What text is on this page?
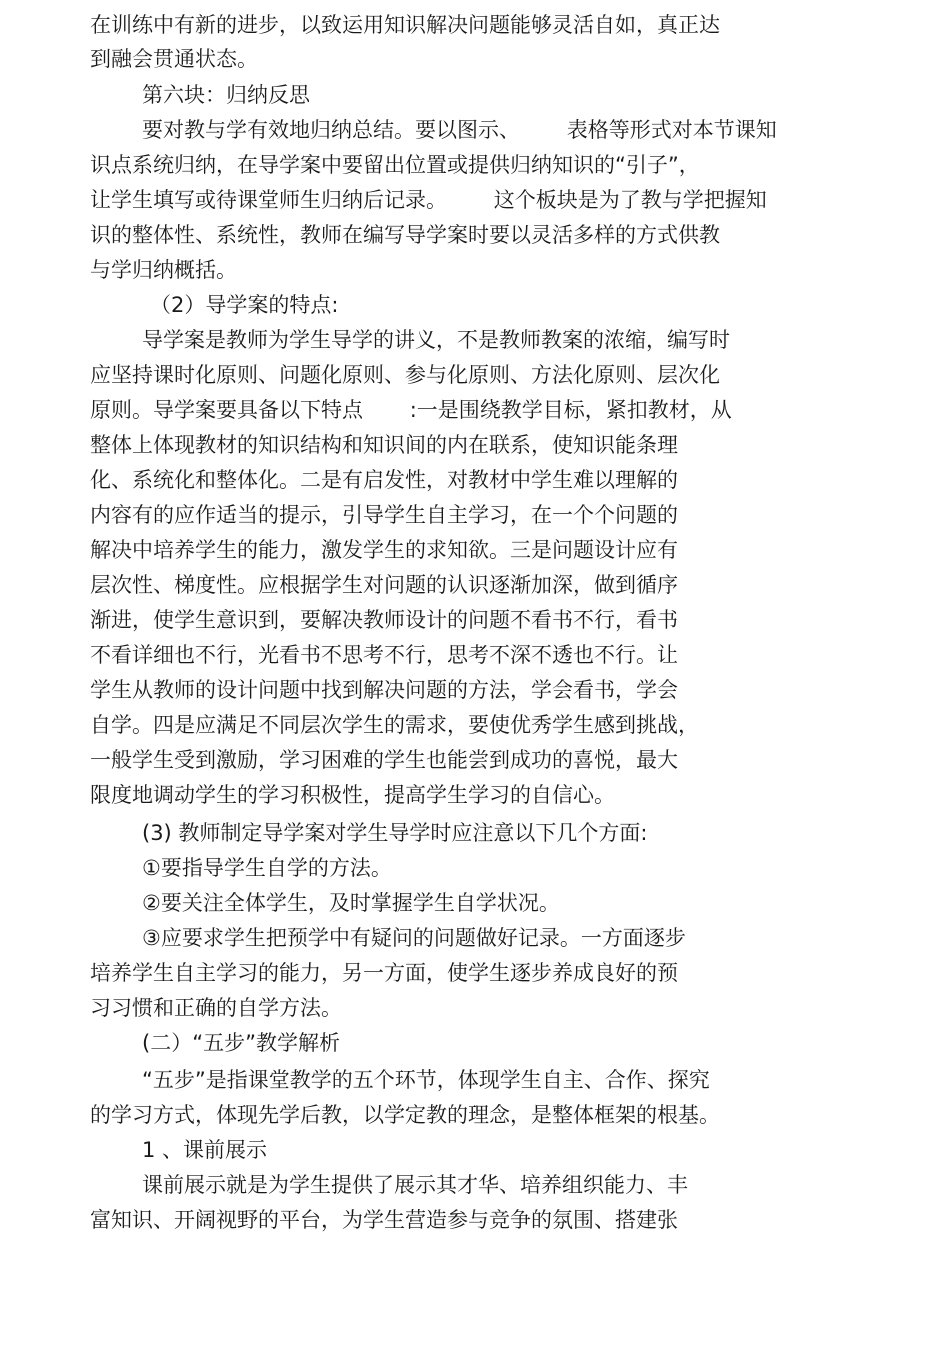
在训练中有新的进步，以致运用知识解决问题能够灵活自如，真正达

到融会贯通状态。

第六块：归纳反思

要对教与学有效地归纳总结。要以图示、       表格等形式对本节课知

识点系统归纳，在导学案中要留出位置或提供归纳知识的“引子”，

让学生填写或待课堂师生归纳后记录。       这个板块是为了教与学把握知

识的整体性、系统性，教师在编写导学案时要以灵活多样的方式供教

与学归纳概括。

（2）导学案的特点:

导学案是教师为学生导学的讲义，不是教师教案的浓缩，编写时

应坚持课时化原则、问题化原则、参与化原则、方法化原则、层次化

原则。导学案要具备以下特点       :一是围绕教学目标，紧扣教材，从

整体上体现教材的知识结构和知识间的内在联系，使知识能条理

化、系统化和整体化。二是有启发性，对教材中学生难以理解的

内容有的应作适当的提示，引导学生自主学习，在一个个问题的

解决中培养学生的能力，激发学生的求知欲。三是问题设计应有

层次性、梯度性。应根据学生对问题的认识逐渐加深，做到循序

渐进，使学生意识到，要解决教师设计的问题不看书不行，看书

不看详细也不行，光看书不思考不行，思考不深不透也不行。让

学生从教师的设计问题中找到解决问题的方法，学会看书，学会

自学。四是应满足不同层次学生的需求，要使优秀学生感到挑战，

一般学生受到激励，学习困难的学生也能尝到成功的喜悦，最大

限度地调动学生的学习积极性，提高学生学习的自信心。

(3) 教师制定导学案对学生导学时应注意以下几个方面:

①要指导学生自学的方法。

②要关注全体学生，及时掌握学生自学状况。

③应要求学生把预学中有疑问的问题做好记录。一方面逐步

培养学生自主学习的能力，另一方面，使学生逐步养成良好的预

习习惯和正确的自学方法。

(二）“五步”教学解析

“五步”是指课堂教学的五个环节，体现学生自主、合作、探究

的学习方式，体现先学后教，以学定教的理念，是整体框架的根基。

1 、课前展示

课前展示就是为学生提供了展示其才华、培养组织能力、丰

富知识、开阔视野的平台，为学生营造参与竞争的氛围、搭建张
